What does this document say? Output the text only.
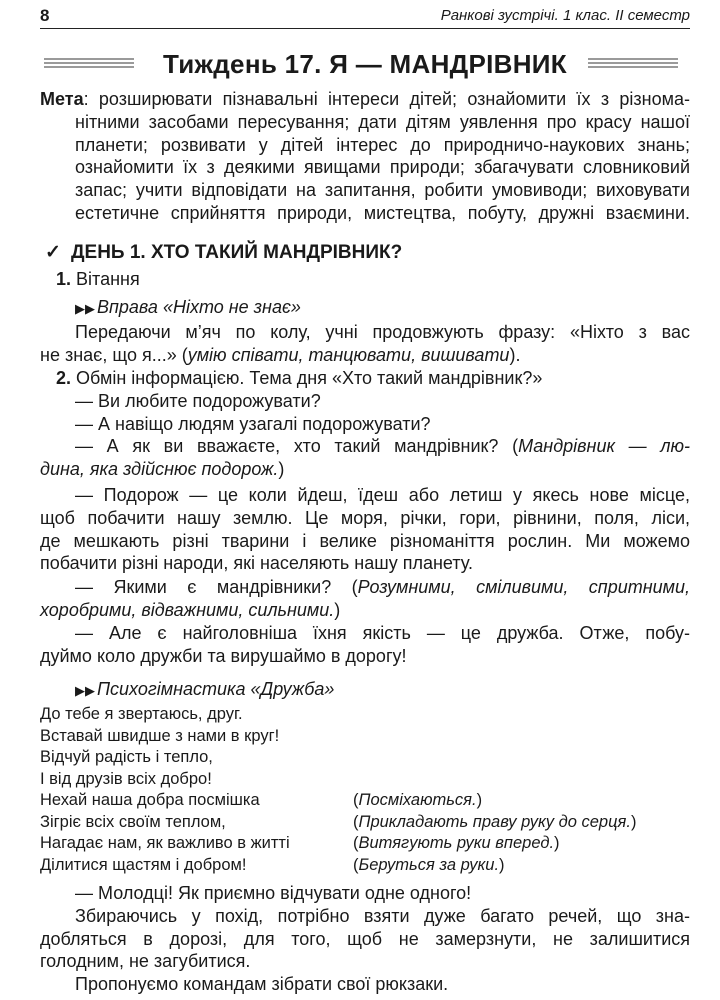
8	Ранкові зустрічі. 1 клас. ІІ семестр
Тиждень 17. Я — МАНДРІВНИК
Мета: розширювати пізнавальні інтереси дітей; ознайомити їх з різнома-
нітними засобами пересування; дати дітям уявлення про красу нашої
планети; розвивати у дітей інтерес до природничо-наукових знань;
ознайомити їх з деякими явищами природи; збагачувати словниковий
запас; учити відповідати на запитання, робити умовиводи; виховувати
естетичне сприйняття природи, мистецтва, побуту, дружні взаємини.
✓ ДЕНЬ 1. ХТО ТАКИЙ МАНДРІВНИК?
1. Вітання
▶▶ Вправа «Ніхто не знає»
Передаючи м’яч по колу, учні продовжують фразу: «Ніхто з вас
не знає, що я...» (умію співати, танцювати, вишивати).
2. Обмін інформацією. Тема дня «Хто такий мандрівник?»
— Ви любите подорожувати?
— А навіщо людям узагалі подорожувати?
— А як ви вважаєте, хто такий мандрівник? (Мандрівник — лю-
дина, яка здійснює подорож.)
— Подорож — це коли йдеш, їдеш або летиш у якесь нове місце,
щоб побачити нашу землю. Це моря, річки, гори, рівнини, поля, ліси,
де мешкають різні тварини і велике різноманіття рослин. Ми можемо
побачити різні народи, які населяють нашу планету.
— Якими є мандрівники? (Розумними, сміливими, спритними,
хоробрими, відважними, сильними.)
— Але є найголовніша їхня якість — це дружба. Отже, побу-
дуймо коло дружби та вирушаймо в дорогу!
▶▶ Психогімнастика «Дружба»
До тебе я звертаюсь, друг.
Вставай швидше з нами в круг!
Відчуй радість і тепло,
І від друзів всіх добро!
Нехай наша добра посмішка	(Посміхаються.)
Зігріє всіх своїм теплом,	(Прикладають праву руку до серця.)
Нагадає нам, як важливо в житті	(Витягують руки вперед.)
Ділитися щастям і добром!	(Беруться за руки.)
— Молодці! Як приємно відчувати одне одного!
Збираючись у похід, потрібно взяти дуже багато речей, що зна-
добляться в дорозі, для того, щоб не замерзнути, не залишитися
голодним, не загубитися.
Пропонуємо командам зібрати свої рюкзаки.
